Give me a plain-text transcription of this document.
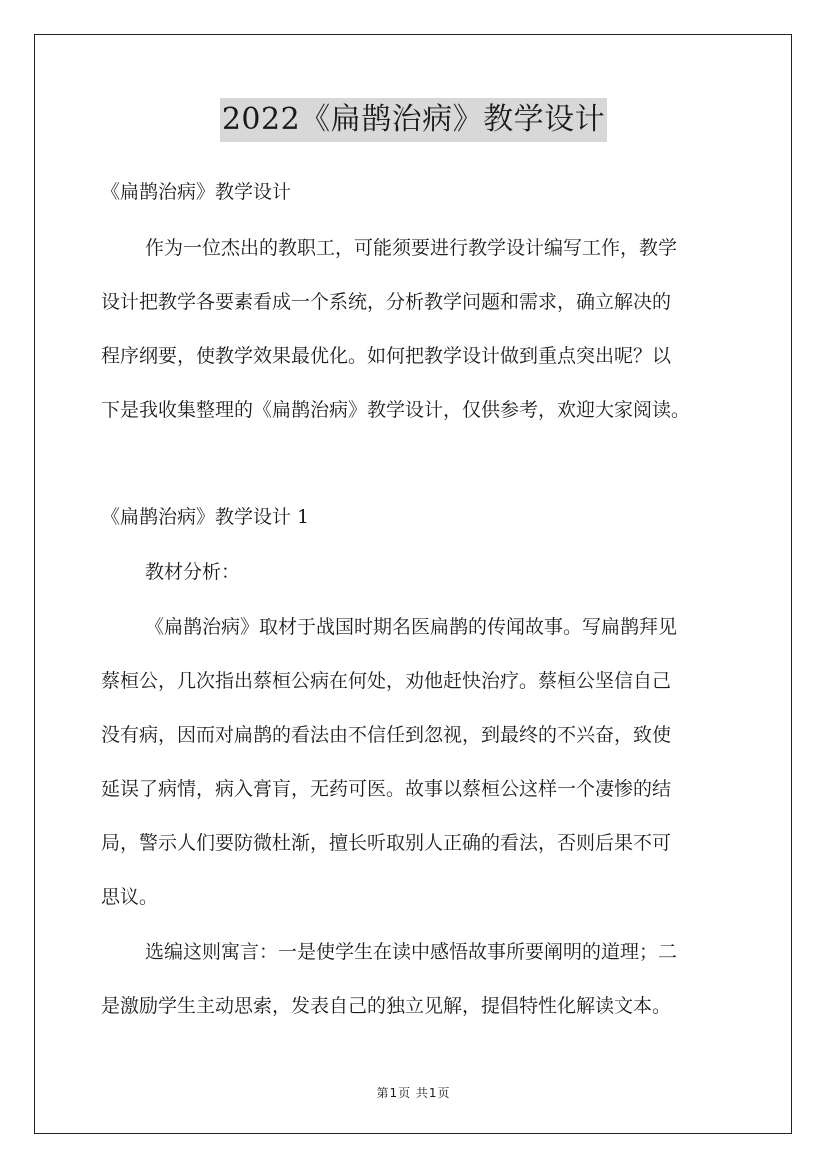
2022《扁鹊治病》教学设计
《扁鹊治病》教学设计
作为一位杰出的教职工，可能须要进行教学设计编写工作，教学
设计把教学各要素看成一个系统，分析教学问题和需求，确立解决的
程序纲要，使教学效果最优化。如何把教学设计做到重点突出呢？以
下是我收集整理的《扁鹊治病》教学设计，仅供参考，欢迎大家阅读。
《扁鹊治病》教学设计 1
教材分析：
《扁鹊治病》取材于战国时期名医扁鹊的传闻故事。写扁鹊拜见
蔡桓公，几次指出蔡桓公病在何处，劝他赶快治疗。蔡桓公坚信自己
没有病，因而对扁鹊的看法由不信任到忽视，到最终的不兴奋，致使
延误了病情，病入膏肓，无药可医。故事以蔡桓公这样一个凄惨的结
局，警示人们要防微杜渐，擅长听取别人正确的看法，否则后果不可
思议。
选编这则寓言：一是使学生在读中感悟故事所要阐明的道理；二
是激励学生主动思索，发表自己的独立见解，提倡特性化解读文本。
第1页 共1页
